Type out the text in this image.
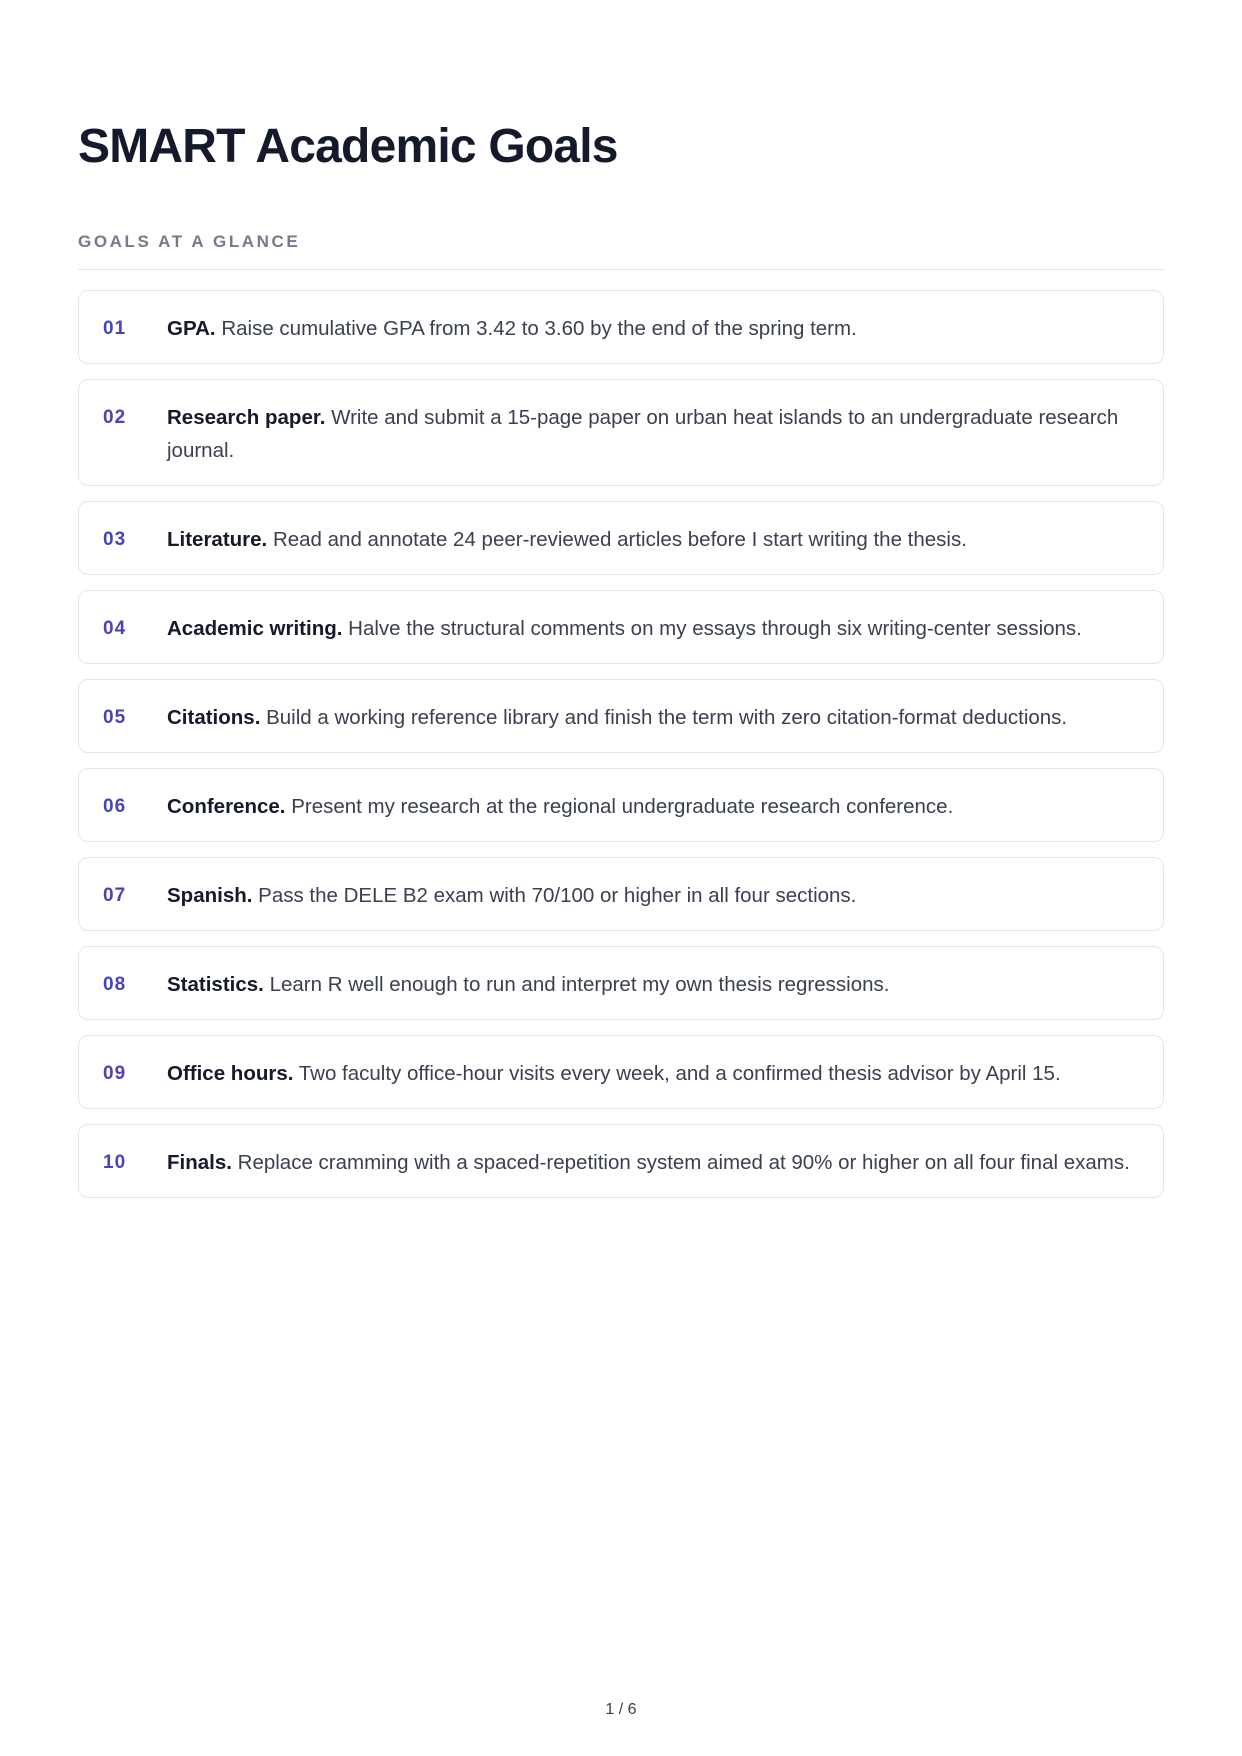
SMART Academic Goals
GOALS AT A GLANCE
01	GPA. Raise cumulative GPA from 3.42 to 3.60 by the end of the spring term.
02	Research paper. Write and submit a 15-page paper on urban heat islands to an undergraduate research journal.
03	Literature. Read and annotate 24 peer-reviewed articles before I start writing the thesis.
04	Academic writing. Halve the structural comments on my essays through six writing-center sessions.
05	Citations. Build a working reference library and finish the term with zero citation-format deductions.
06	Conference. Present my research at the regional undergraduate research conference.
07	Spanish. Pass the DELE B2 exam with 70/100 or higher in all four sections.
08	Statistics. Learn R well enough to run and interpret my own thesis regressions.
09	Office hours. Two faculty office-hour visits every week, and a confirmed thesis advisor by April 15.
10	Finals. Replace cramming with a spaced-repetition system aimed at 90% or higher on all four final exams.
1 / 6
